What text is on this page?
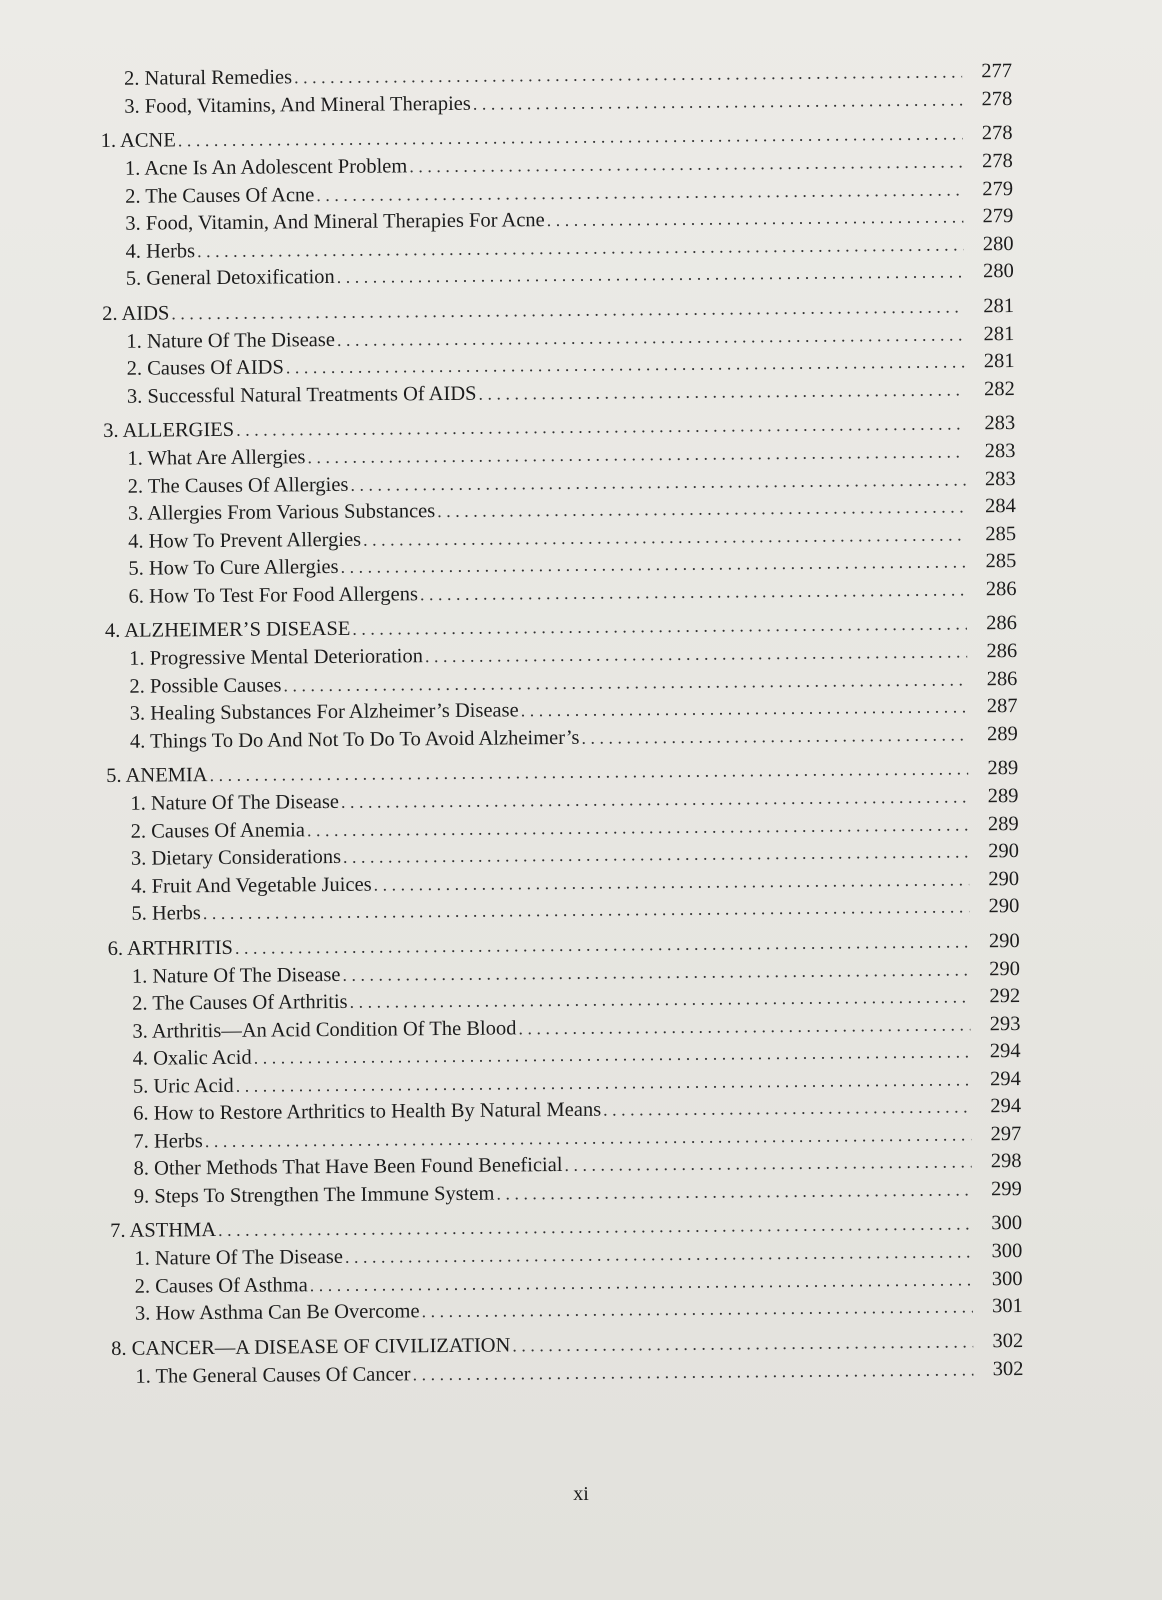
2. Natural Remedies . . .	277
3. Food, Vitamins, And Mineral Therapies . . .	278
1. ACNE . . .	278
1. Acne Is An Adolescent Problem . . .	278
2. The Causes Of Acne . . .	279
3. Food, Vitamin, And Mineral Therapies For Acne . . .	279
4. Herbs . . .	280
5. General Detoxification . . .	280
2. AIDS . . .	281
1. Nature Of The Disease . . .	281
2. Causes Of AIDS . . .	281
3. Successful Natural Treatments Of AIDS . . .	282
3. ALLERGIES . . .	283
1. What Are Allergies . . .	283
2. The Causes Of Allergies . . .	283
3. Allergies From Various Substances . . .	284
4. How To Prevent Allergies . . .	285
5. How To Cure Allergies . . .	285
6. How To Test For Food Allergens . . .	286
4. ALZHEIMER’S DISEASE . . .	286
1. Progressive Mental Deterioration . . .	286
2. Possible Causes . . .	286
3. Healing Substances For Alzheimer’s Disease . . .	287
4. Things To Do And Not To Do To Avoid Alzheimer’s . . .	289
5. ANEMIA . . .	289
1. Nature Of The Disease . . .	289
2. Causes Of Anemia . . .	289
3. Dietary Considerations . . .	290
4. Fruit And Vegetable Juices . . .	290
5. Herbs . . .	290
6. ARTHRITIS . . .	290
1. Nature Of The Disease . . .	290
2. The Causes Of Arthritis . . .	292
3. Arthritis—An Acid Condition Of The Blood . . .	293
4. Oxalic Acid . . .	294
5. Uric Acid . . .	294
6. How to Restore Arthritics to Health By Natural Means . . .	294
7. Herbs . . .	297
8. Other Methods That Have Been Found Beneficial . . .	298
9. Steps To Strengthen The Immune System . . .	299
7. ASTHMA . . .	300
1. Nature Of The Disease . . .	300
2. Causes Of Asthma . . .	300
3. How Asthma Can Be Overcome . . .	301
8. CANCER—A DISEASE OF CIVILIZATION . . .	302
1. The General Causes Of Cancer . . .	302
xi
